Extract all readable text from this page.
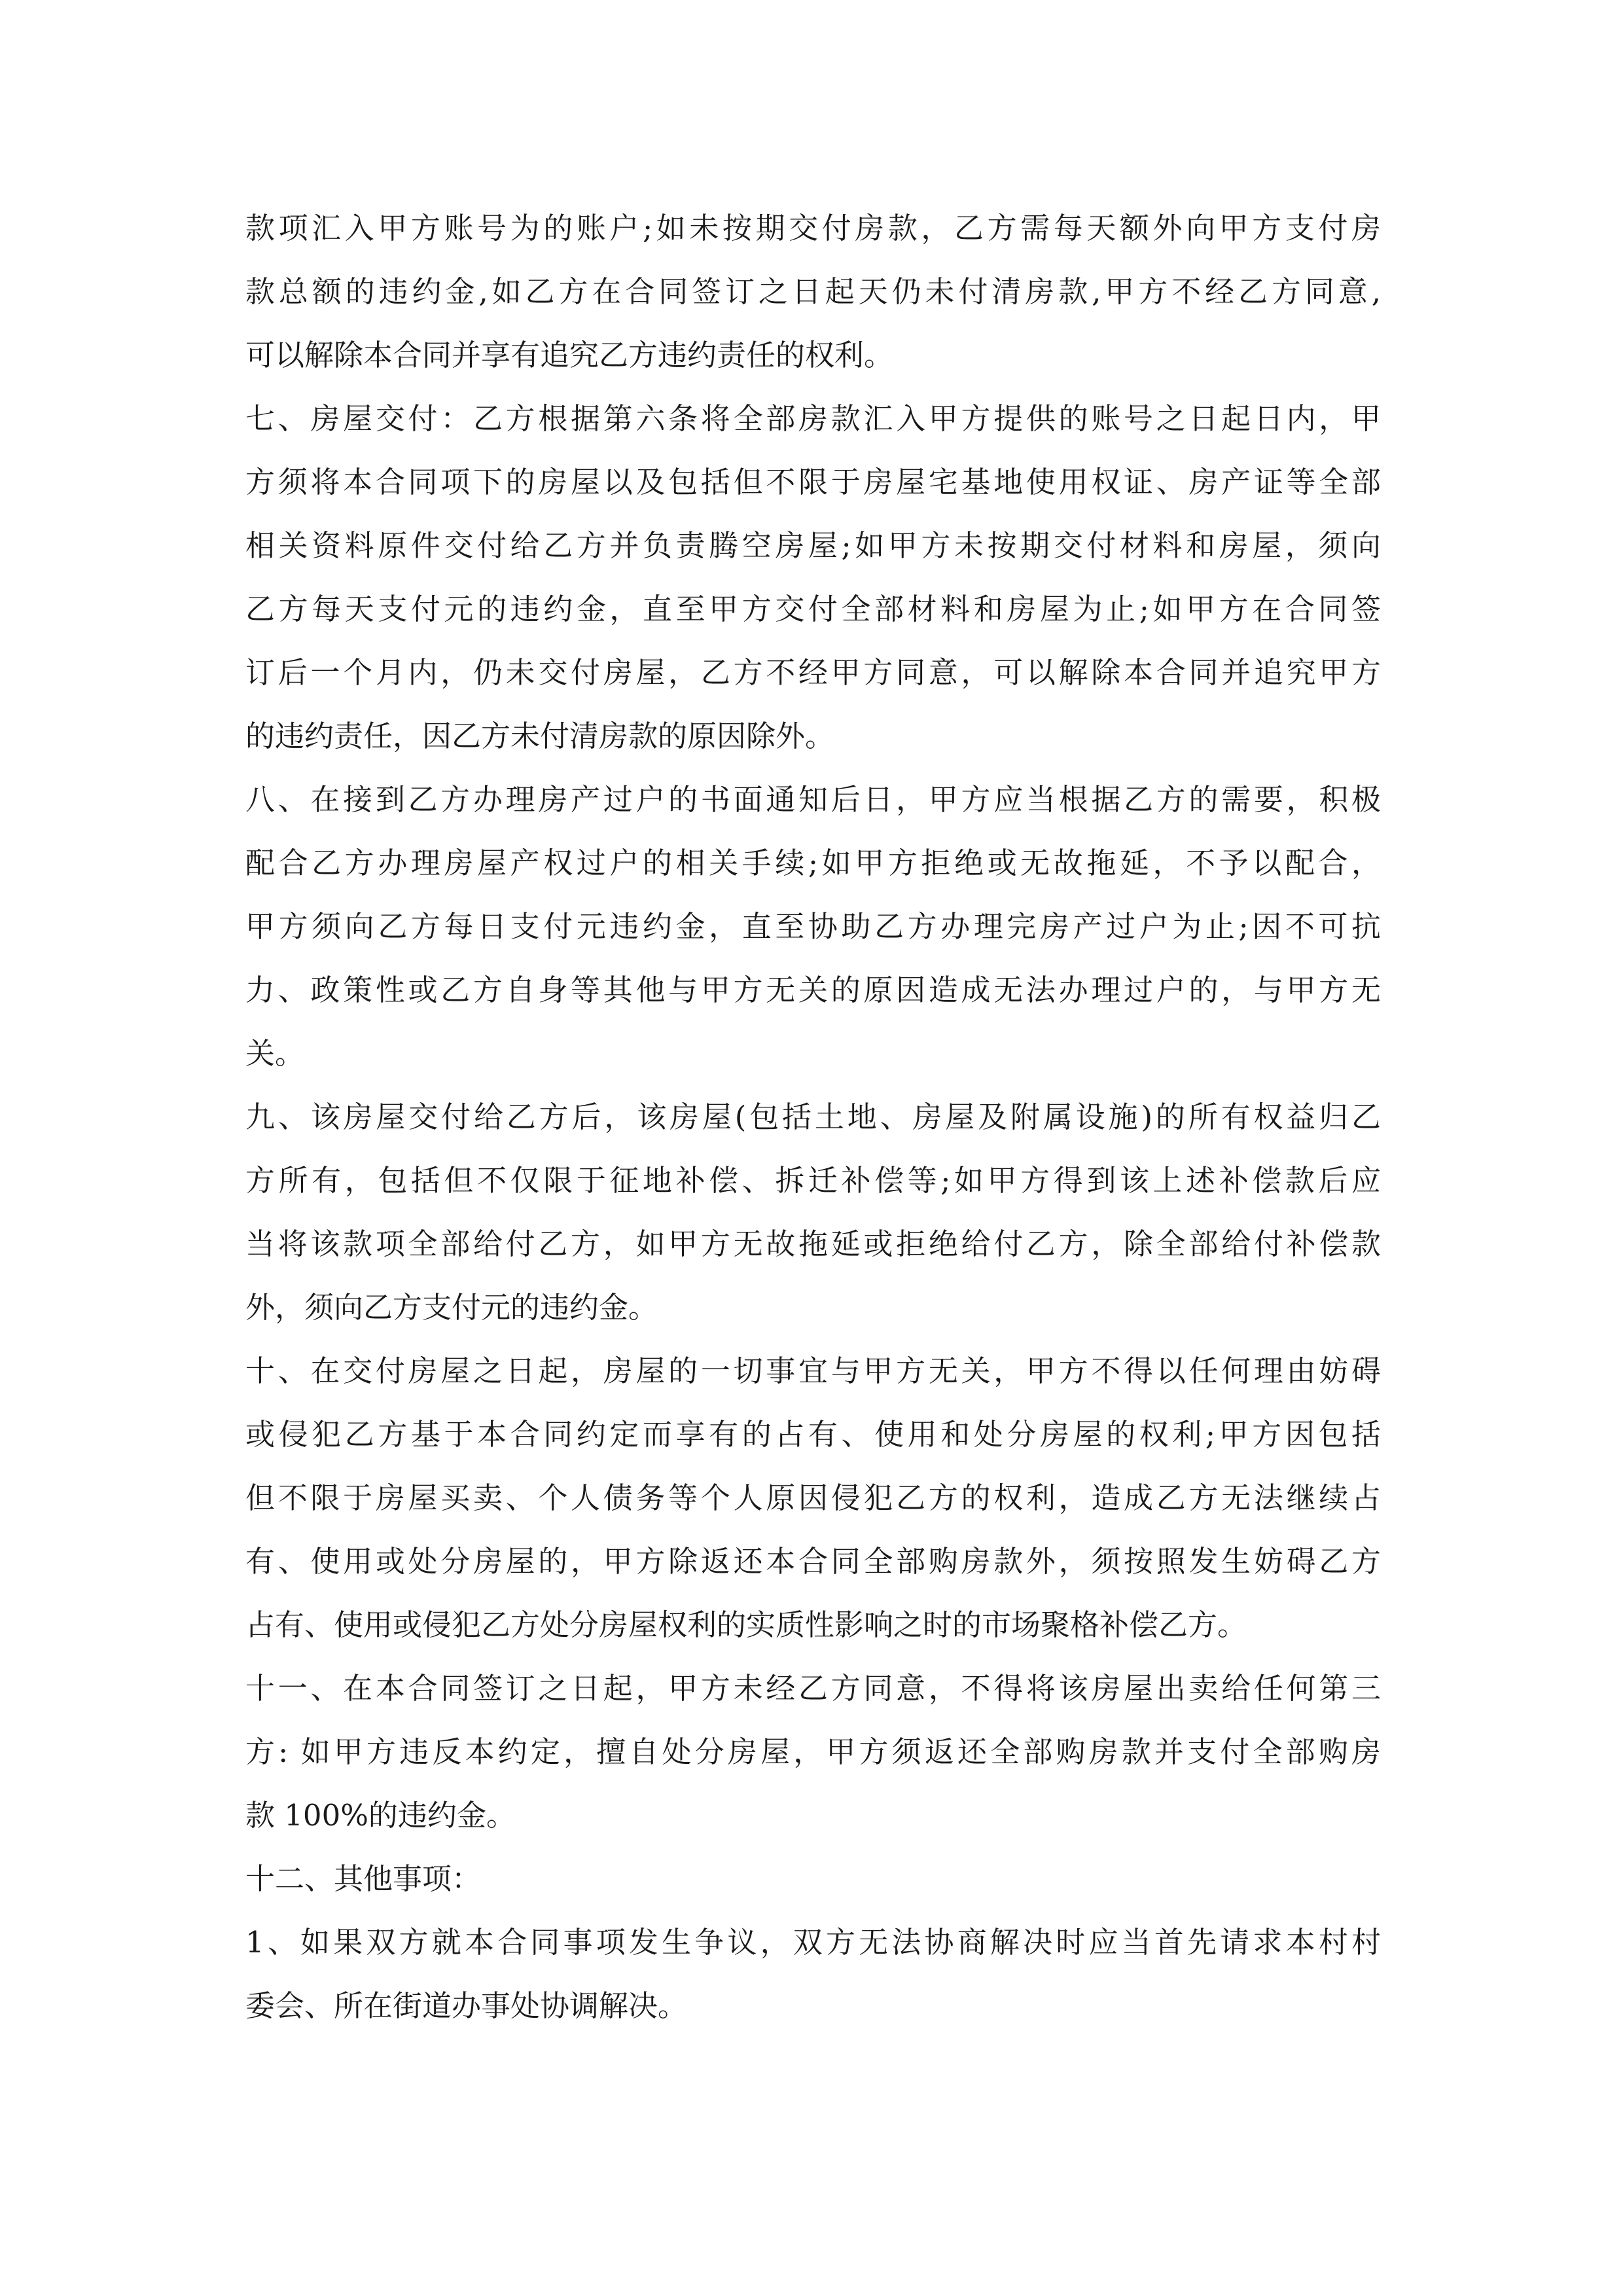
款项汇入甲方账号为的账户;如未按期交付房款，乙方需每天额外向甲方支付房
款总额的违约金,如乙方在合同签订之日起天仍未付清房款,甲方不经乙方同意,
可以解除本合同并享有追究乙方违约责任的权利。
七、房屋交付：乙方根据第六条将全部房款汇入甲方提供的账号之日起日内，甲
方须将本合同项下的房屋以及包括但不限于房屋宅基地使用权证、房产证等全部
相关资料原件交付给乙方并负责腾空房屋;如甲方未按期交付材料和房屋，须向
乙方每天支付元的违约金，直至甲方交付全部材料和房屋为止;如甲方在合同签
订后一个月内，仍未交付房屋，乙方不经甲方同意，可以解除本合同并追究甲方
的违约责任，因乙方未付清房款的原因除外。
八、在接到乙方办理房产过户的书面通知后日，甲方应当根据乙方的需要，积极
配合乙方办理房屋产权过户的相关手续;如甲方拒绝或无故拖延，不予以配合，
甲方须向乙方每日支付元违约金，直至协助乙方办理完房产过户为止;因不可抗
力、政策性或乙方自身等其他与甲方无关的原因造成无法办理过户的，与甲方无
关。
九、该房屋交付给乙方后，该房屋(包括土地、房屋及附属设施)的所有权益归乙
方所有，包括但不仅限于征地补偿、拆迁补偿等;如甲方得到该上述补偿款后应
当将该款项全部给付乙方，如甲方无故拖延或拒绝给付乙方，除全部给付补偿款
外，须向乙方支付元的违约金。
十、在交付房屋之日起，房屋的一切事宜与甲方无关，甲方不得以任何理由妨碍
或侵犯乙方基于本合同约定而享有的占有、使用和处分房屋的权利;甲方因包括
但不限于房屋买卖、个人债务等个人原因侵犯乙方的权利，造成乙方无法继续占
有、使用或处分房屋的，甲方除返还本合同全部购房款外，须按照发生妨碍乙方
占有、使用或侵犯乙方处分房屋权利的实质性影响之时的市场聚格补偿乙方。
十一、在本合同签订之日起，甲方未经乙方同意，不得将该房屋出卖给任何第三
方: 如甲方违反本约定，擅自处分房屋，甲方须返还全部购房款并支付全部购房
款 100%的违约金。
十二、其他事项：
1、如果双方就本合同事项发生争议，双方无法协商解决时应当首先请求本村村
委会、所在街道办事处协调解决。
